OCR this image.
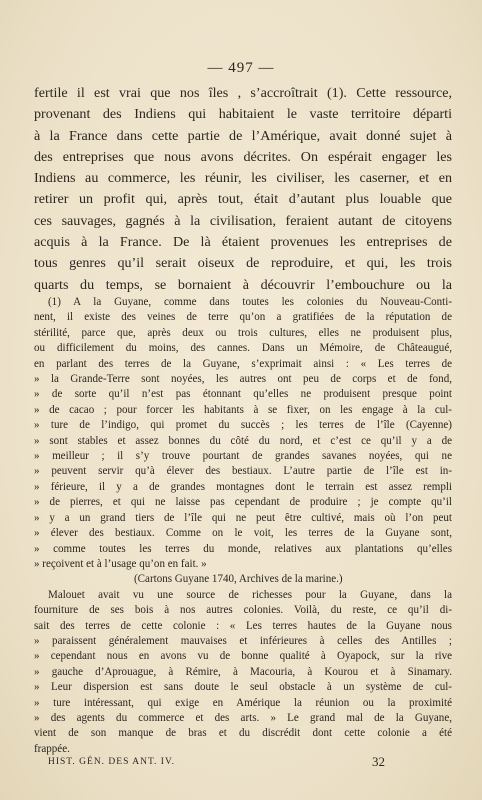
— 497 —
fertile il est vrai que nos îles , s’accroîtrait (1). Cette ressource,
provenant des Indiens qui habitaient le vaste territoire départi
à la France dans cette partie de l’Amérique, avait donné sujet à
des entreprises que nous avons décrites. On espérait engager les
Indiens au commerce, les réunir, les civiliser, les caserner, et en
retirer un profit qui, après tout, était d’autant plus louable que
ces sauvages, gagnés à la civilisation, feraient autant de citoyens
acquis à la France. De là étaient provenues les entreprises de
tous genres qu’il serait oiseux de reproduire, et qui, les trois
quarts du temps, se bornaient à découvrir l’embouchure ou la
(1) A la Guyane, comme dans toutes les colonies du Nouveau-Conti-
nent, il existe des veines de terre qu’on a gratifiées de la réputation de
stérilité, parce que, après deux ou trois cultures, elles ne produisent plus,
ou difficilement du moins, des cannes. Dans un Mémoire, de Châteaugué,
en parlant des terres de la Guyane, s’exprimait ainsi : « Les terres de
» la Grande-Terre sont noyées, les autres ont peu de corps et de fond,
» de sorte qu’il n’est pas étonnant qu’elles ne produisent presque point
» de cacao ; pour forcer les habitants à se fixer, on les engage à la cul-
» ture de l’indigo, qui promet du succès ; les terres de l’île (Cayenne)
» sont stables et assez bonnes du côté du nord, et c’est ce qu’il y a de
» meilleur ; il s’y trouve pourtant de grandes savanes noyées, qui ne
» peuvent servir qu’à élever des bestiaux. L’autre partie de l’île est in-
» férieure, il y a de grandes montagnes dont le terrain est assez rempli
» de pierres, et qui ne laisse pas cependant de produire ; je compte qu’il
» y a un grand tiers de l’île qui ne peut être cultivé, mais où l’on peut
» élever des bestiaux. Comme on le voit, les terres de la Guyane sont,
» comme toutes les terres du monde, relatives aux plantations qu’elles
» reçoivent et à l’usage qu’on en fait. »
(Cartons Guyane 1740, Archives de la marine.)
Malouet avait vu une source de richesses pour la Guyane, dans la
fourniture de ses bois à nos autres colonies. Voilà, du reste, ce qu’il di-
sait des terres de cette colonie : « Les terres hautes de la Guyane nous
» paraissent généralement mauvaises et inférieures à celles des Antilles ;
» cependant nous en avons vu de bonne qualité à Oyapock, sur la rive
» gauche d’Aprouague, à Rémire, à Macouria, à Kourou et à Sinamary.
» Leur dispersion est sans doute le seul obstacle à un système de cul-
» ture intéressant, qui exige en Amérique la réunion ou la proximité
» des agents du commerce et des arts. » Le grand mal de la Guyane,
vient de son manque de bras et du discrédit dont cette colonie a été
frappée.
HIST. GÉN. DES ANT. IV.	32
